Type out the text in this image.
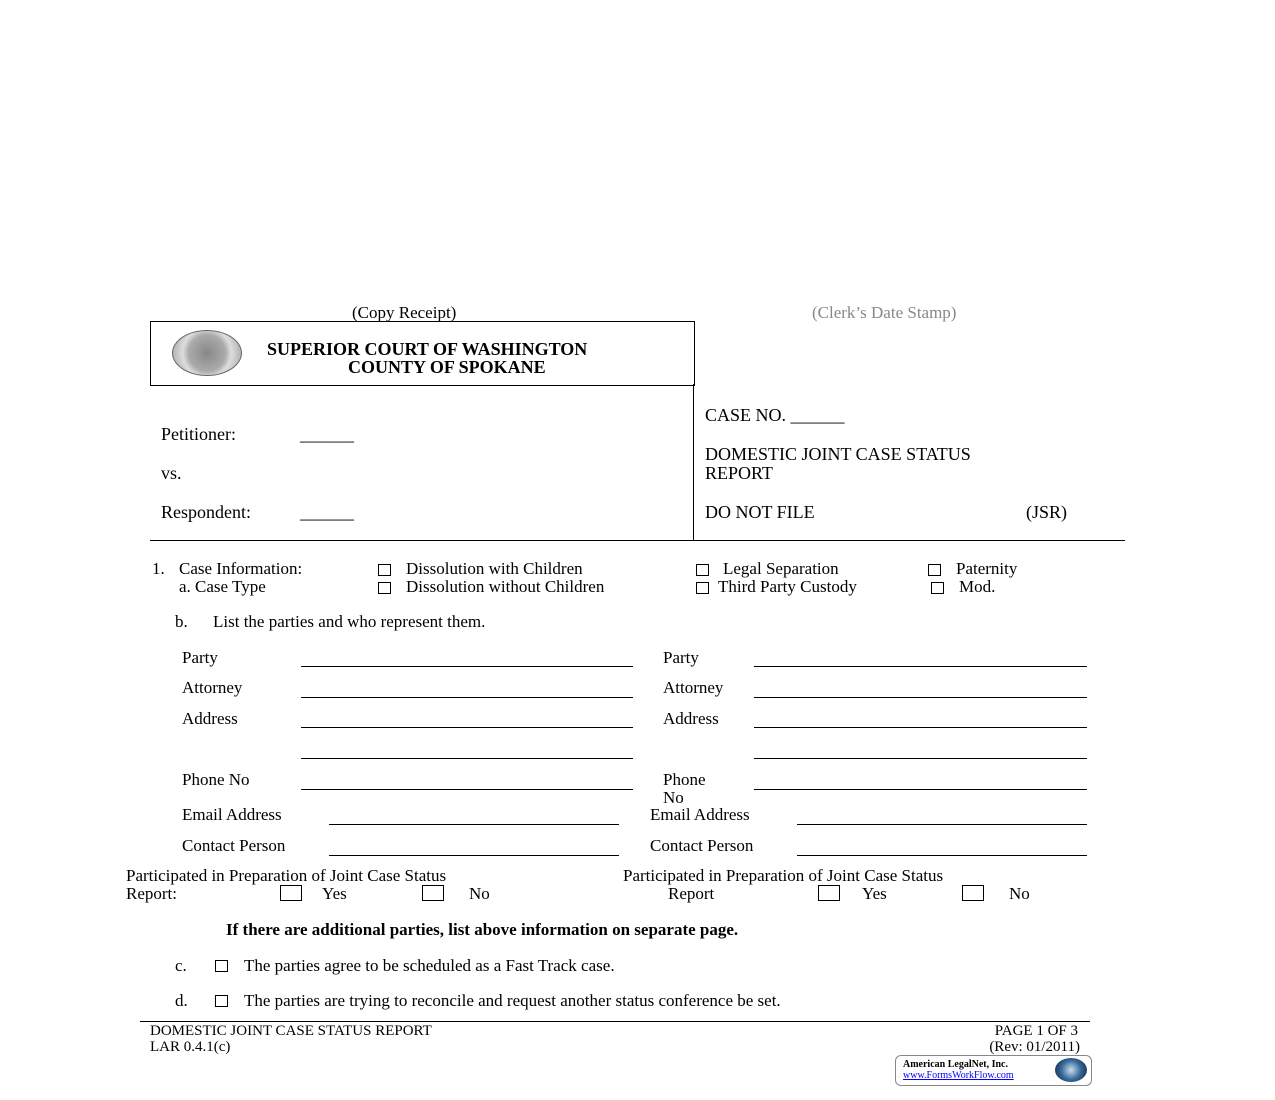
(Copy Receipt)	(Clerk’s Date Stamp)
SUPERIOR COURT OF WASHINGTON
COUNTY OF SPOKANE
Petitioner:	______
vs.
Respondent:	______
CASE NO. ______
DOMESTIC JOINT CASE STATUS
REPORT
DO NOT FILE	(JSR)
1. Case Information:
a. Case Type
Dissolution with Children	Legal Separation	Paternity
Dissolution without Children	Third Party Custody	Mod.
b. List the parties and who represent them.
Party
Attorney
Address
Phone No
Email Address
Contact Person
Party
Attorney
Address
Phone
No
Email Address
Contact Person
Participated in Preparation of Joint Case Status
Report:	Yes	No
Participated in Preparation of Joint Case Status
Report	Yes	No
If there are additional parties, list above information on separate page.
c.	The parties agree to be scheduled as a Fast Track case.
d.	The parties are trying to reconcile and request another status conference be set.
DOMESTIC JOINT CASE STATUS REPORT
LAR 0.4.1(c)
PAGE 1 OF 3
(Rev: 01/2011)
American LegalNet, Inc.
www.FormsWorkFlow.com
